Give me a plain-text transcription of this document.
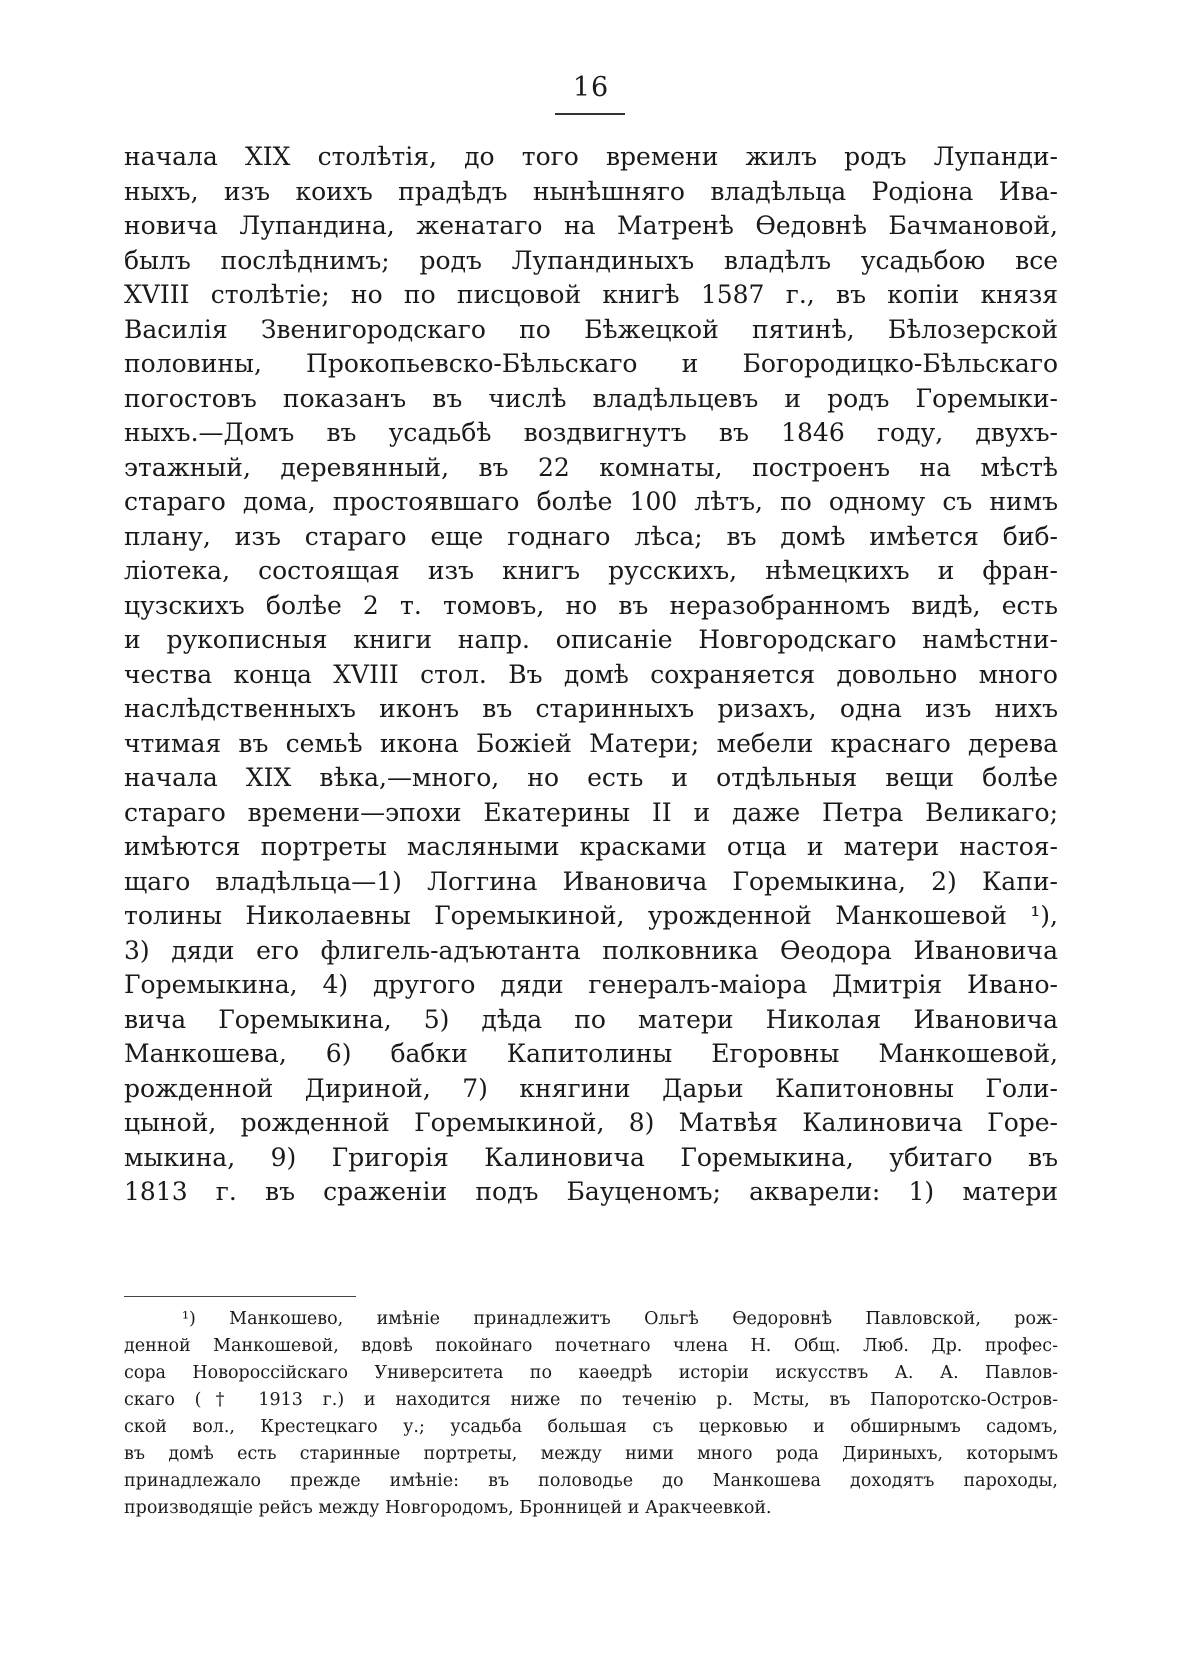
16
начала XIX столѣтія, до того времени жилъ родъ Лупанди-
ныхъ, изъ коихъ прадѣдъ нынѣшняго владѣльца Родіона Ива-
новича Лупандина, женатаго на Матренѣ Ѳедовнѣ Бачмановой,
былъ послѣднимъ; родъ Лупандиныхъ владѣлъ усадьбою все
XVIII столѣтіе; но по писцовой книгѣ 1587 г., въ копіи князя
Василія Звенигородскаго по Бѣжецкой пятинѣ, Бѣлозерской
половины, Прокопьевско-Бѣльскаго и Богородицко-Бѣльскаго
погостовъ показанъ въ числѣ владѣльцевъ и родъ Горемыки-
ныхъ.—Домъ въ усадьбѣ воздвигнутъ въ 1846 году, двухъ-
этажный, деревянный, въ 22 комнаты, построенъ на мѣстѣ
стараго дома, простоявшаго болѣе 100 лѣтъ, по одному съ нимъ
плану, изъ стараго еще годнаго лѣса; въ домѣ имѣется биб-
ліотека, состоящая изъ книгъ русскихъ, нѣмецкихъ и фран-
цузскихъ болѣе 2 т. томовъ, но въ неразобранномъ видѣ, есть
и рукописныя книги напр. описаніе Новгородскаго намѣстни-
чества конца XVIII стол. Въ домѣ сохраняется довольно много
наслѣдственныхъ иконъ въ старинныхъ ризахъ, одна изъ нихъ
чтимая въ семьѣ икона Божіей Матери; мебели краснаго дерева
начала XIX вѣка,—много, но есть и отдѣльныя вещи болѣе
стараго времени—эпохи Екатерины II и даже Петра Великаго;
имѣются портреты масляными красками отца и матери настоя-
щаго владѣльца—1) Логгина Ивановича Горемыкина, 2) Капи-
толины Николаевны Горемыкиной, урожденной Манкошевой ¹),
3) дяди его флигель-адъютанта полковника Ѳеодора Ивановича
Горемыкина, 4) другого дяди генералъ-маіора Дмитрія Ивано-
вича Горемыкина, 5) дѣда по матери Николая Ивановича
Манкошева, 6) бабки Капитолины Егоровны Манкошевой,
рожденной Дириной, 7) княгини Дарьи Капитоновны Голи-
цыной, рожденной Горемыкиной, 8) Матвѣя Калиновича Горе-
мыкина, 9) Григорія Калиновича Горемыкина, убитаго въ
1813 г. въ сраженіи подъ Бауценомъ; акварели: 1) матери
¹) Манкошево, имѣніе принадлежитъ Ольгѣ Ѳедоровнѣ Павловской, рож-
денной Манкошевой, вдовѣ покойнаго почетнаго члена Н. Общ. Люб. Др. профес-
сора Новороссійскаго Университета по каѳедрѣ исторіи искусствъ А. А. Павлов-
скаго († 1913 г.) и находится ниже по теченію р. Мсты, въ Папоротско-Остров-
ской вол., Крестецкаго у.; усадьба большая съ церковью и обширнымъ садомъ,
въ домѣ есть старинные портреты, между ними много рода Дириныхъ, которымъ
принадлежало прежде имѣніе: въ половодье до Манкошева доходятъ пароходы,
производящіе рейсъ между Новгородомъ, Бронницей и Аракчеевкой.
